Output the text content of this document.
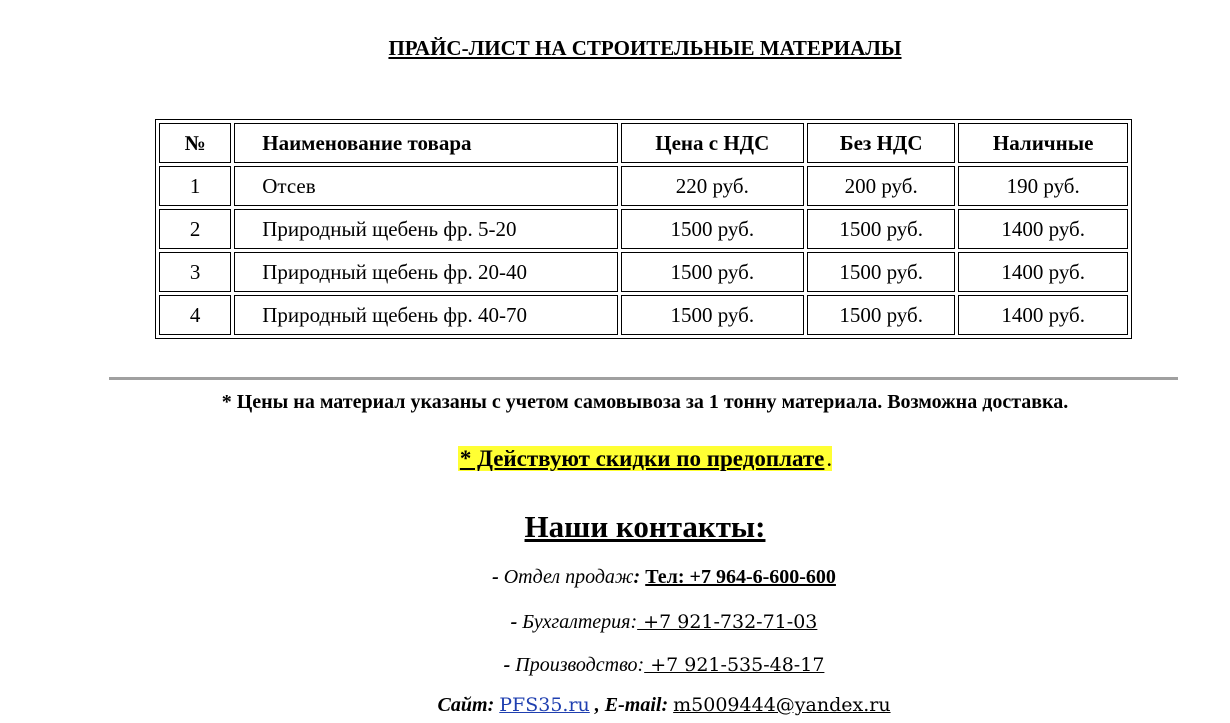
ПРАЙС-ЛИСТ НА СТРОИТЕЛЬНЫЕ МАТЕРИАЛЫ
№	Наименование товара	Цена с НДС	Без НДС	Наличные
1	Отсев	220 руб.	200 руб.	190 руб.
2	Природный щебень фр. 5-20	1500 руб.	1500 руб.	1400 руб.
3	Природный щебень фр. 20-40	1500 руб.	1500 руб.	1400 руб.
4	Природный щебень фр. 40-70	1500 руб.	1500 руб.	1400 руб.
* Цены на материал указаны с учетом самовывоза за 1 тонну материала. Возможна доставка.
* Действуют скидки по предоплате.
Наши контакты:
- Отдел продаж: Тел: +7 964-6-600-600
- Бухгалтерия: +7 921-732-71-03
- Производство: +7 921-535-48-17
Сайт: PFS35.ru , E-mail: m5009444@yandex.ru
